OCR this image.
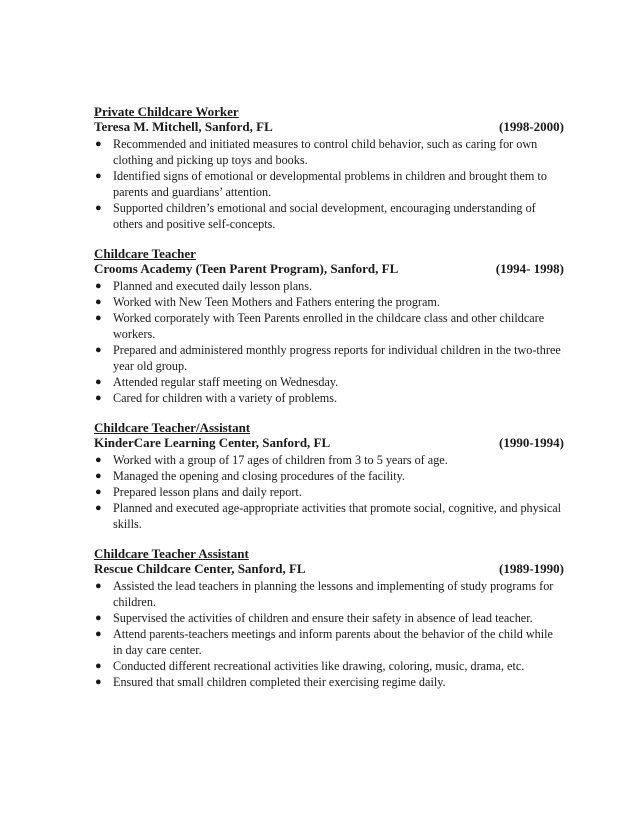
Private Childcare Worker
Teresa M. Mitchell, Sanford, FL	(1998-2000)
● Recommended and initiated measures to control child behavior, such as caring for own clothing and picking up toys and books.
● Identified signs of emotional or developmental problems in children and brought them to parents and guardians’ attention.
● Supported children’s emotional and social development, encouraging understanding of others and positive self-concepts.
Childcare Teacher
Crooms Academy (Teen Parent Program), Sanford, FL	(1994- 1998)
● Planned and executed daily lesson plans.
● Worked with New Teen Mothers and Fathers entering the program.
● Worked corporately with Teen Parents enrolled in the childcare class and other childcare workers.
● Prepared and administered monthly progress reports for individual children in the two-three year old group.
● Attended regular staff meeting on Wednesday.
● Cared for children with a variety of problems.
Childcare Teacher/Assistant
KinderCare Learning Center, Sanford, FL	(1990-1994)
● Worked with a group of 17 ages of children from 3 to 5 years of age.
● Managed the opening and closing procedures of the facility.
● Prepared lesson plans and daily report.
● Planned and executed age-appropriate activities that promote social, cognitive, and physical skills.
Childcare Teacher Assistant
Rescue Childcare Center, Sanford, FL	(1989-1990)
● Assisted the lead teachers in planning the lessons and implementing of study programs for children.
● Supervised the activities of children and ensure their safety in absence of lead teacher.
● Attend parents-teachers meetings and inform parents about the behavior of the child while in day care center.
● Conducted different recreational activities like drawing, coloring, music, drama, etc.
● Ensured that small children completed their exercising regime daily.
